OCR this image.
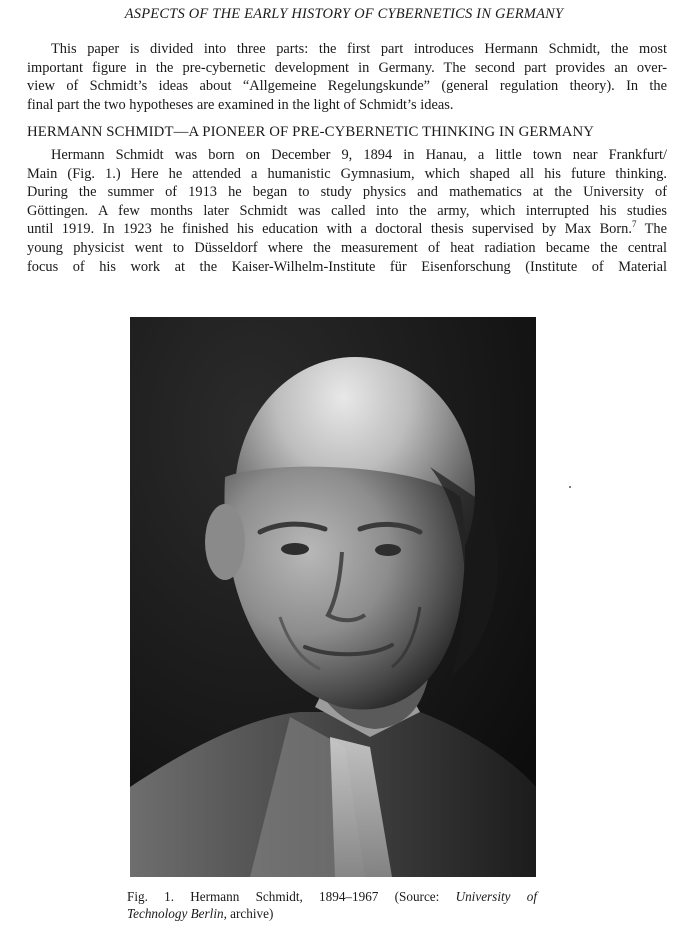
ASPECTS OF THE EARLY HISTORY OF CYBERNETICS IN GERMANY

This paper is divided into three parts: the first part introduces Hermann Schmidt, the most
important figure in the pre-cybernetic development in Germany. The second part provides an over-
view of Schmidt’s ideas about “Allgemeine Regelungskunde” (general regulation theory). In the
final part the two hypotheses are examined in the light of Schmidt’s ideas.

HERMANN SCHMIDT—A PIONEER OF PRE-CYBERNETIC THINKING IN GERMANY

Hermann Schmidt was born on December 9, 1894 in Hanau, a little town near Frankfurt/
Main (Fig. 1.) Here he attended a humanistic Gymnasium, which shaped all his future thinking.
During the summer of 1913 he began to study physics and mathematics at the University of
Göttingen. A few months later Schmidt was called into the army, which interrupted his studies
until 1919. In 1923 he finished his education with a doctoral thesis supervised by Max Born.$^7$ The
young physicist went to Düsseldorf where the measurement of heat radiation became the central
focus of his work at the Kaiser-Wilhelm-Institute für Eisenforschung (Institute of Material

Fig. 1. Hermann Schmidt, 1894–1967 (Source: University of
Technology Berlin, archive)
